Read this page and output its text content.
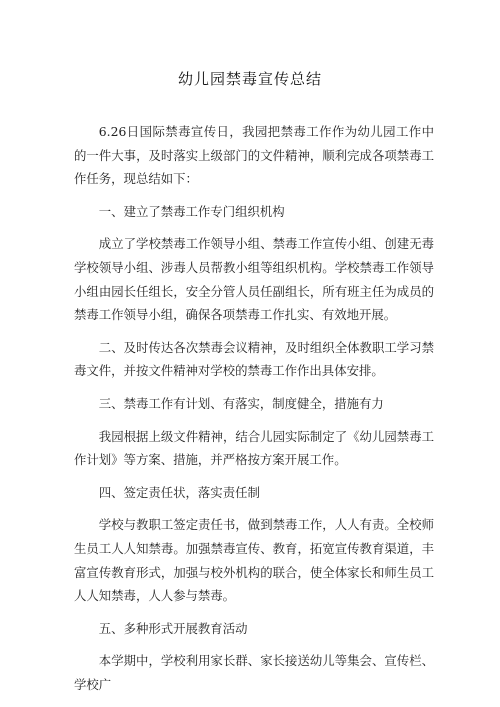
幼儿园禁毒宣传总结

6.26日国际禁毒宣传日，我园把禁毒工作作为幼儿园工作中的一件大事，及时落实上级部门的文件精神，顺利完成各项禁毒工作任务，现总结如下：

一、建立了禁毒工作专门组织机构

成立了学校禁毒工作领导小组、禁毒工作宣传小组、创建无毒学校领导小组、涉毒人员帮教小组等组织机构。学校禁毒工作领导小组由园长任组长，安全分管人员任副组长，所有班主任为成员的禁毒工作领导小组，确保各项禁毒工作扎实、有效地开展。

二、及时传达各次禁毒会议精神，及时组织全体教职工学习禁毒文件，并按文件精神对学校的禁毒工作作出具体安排。

三、禁毒工作有计划、有落实，制度健全，措施有力

我园根据上级文件精神，结合儿园实际制定了《幼儿园禁毒工作计划》等方案、措施，并严格按方案开展工作。

四、签定责任状，落实责任制

学校与教职工签定责任书，做到禁毒工作，人人有责。全校师生员工人人知禁毒。加强禁毒宣传、教育，拓宽宣传教育渠道，丰富宣传教育形式，加强与校外机构的联合，使全体家长和师生员工人人知禁毒，人人参与禁毒。

五、多种形式开展教育活动

本学期中，学校利用家长群、家长接送幼儿等集会、宣传栏、学校广
